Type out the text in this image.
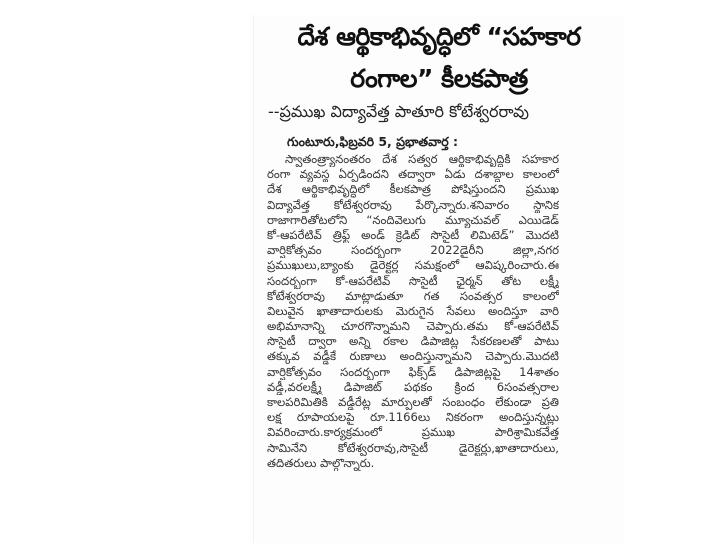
దేశ ఆర్థికాభివృద్ధిలో “సహకార
రంగాల” కీలకపాత్ర
--ప్రముఖ విద్యావేత్త పాతూరి కోటేశ్వరరావు
గుంటూరు,ఫిబ్రవరి 5, ప్రభాతవార్త :
స్వాతంత్ర్యానంతరం దేశ సత్వర ఆర్థికాభివృద్ధికి సహకార
రంగా వ్యవస్థ ఏర్పడిందని తద్వారా ఏడు దశాబ్ధాల కాలంలో
దేశ ఆర్థికాభివృద్ధిలో కీలకపాత్ర పోషిస్తుందని ప్రముఖ
విద్యావేత్త కోటేశ్వరరావు పేర్కొన్నారు.శనివారం స్థానిక
రాజాగారితోటలోని “నందివెలుగు మ్యూచువల్ ఎయిడెడ్
కో-ఆపరేటివ్ త్రిఫ్ట్ అండ్ క్రెడిట్ సొసైటీ లిమిటెడ్” మొదటి
వార్షికోత్సవం సందర్భంగా 2022డైరీని జిల్లా,నగర
ప్రముఖులు,బ్యాంకు డైరెక్టర్ల సమక్షంలో ఆవిష్కరించారు.ఈ
సందర్భంగా కో-ఆపరేటివ్ సొసైటీ ఛైర్మన్ తోట లక్ష్మీ
కోటేశ్వరరావు మాట్లాడుతూ గత సంవత్సర కాలంలో
విలువైన ఖాతాదారులకు మెరుగైన సేవలు అందిస్తూ వారి
అభిమానాన్ని చూరగొన్నామని చెప్పారు.తమ కో-ఆపరేటివ్
సొసైటీ ద్వారా అన్ని రకాల డిపాజిట్ల సేకరణలతో పాటు
తక్కువ వడ్డీకే రుణాలు అందిస్తున్నామని చెప్పారు.మొదటి
వార్షికోత్సవం సందర్భంగా ఫిక్స్‌డ్ డిపాజిట్లపై 14శాతం
వడ్డీ,వరలక్ష్మీ డిపాజిట్ పథకం క్రింద 6సంవత్సరాల
కాలపరిమితికి వడ్డీరేట్ల మార్పులతో సంబంధం లేకుండా ప్రతి
లక్ష రూపాయలపై రూ.1166లు నికరంగా అందిస్తున్నట్లు
వివరించారు.కార్యక్రమంలో ప్రముఖ పారిశ్రామికవేత్త
సామినేని కోటేశ్వరరావు,సొసైటీ డైరెక్టర్లు,ఖాతాదారులు,
తదితరులు పాల్గొన్నారు.
